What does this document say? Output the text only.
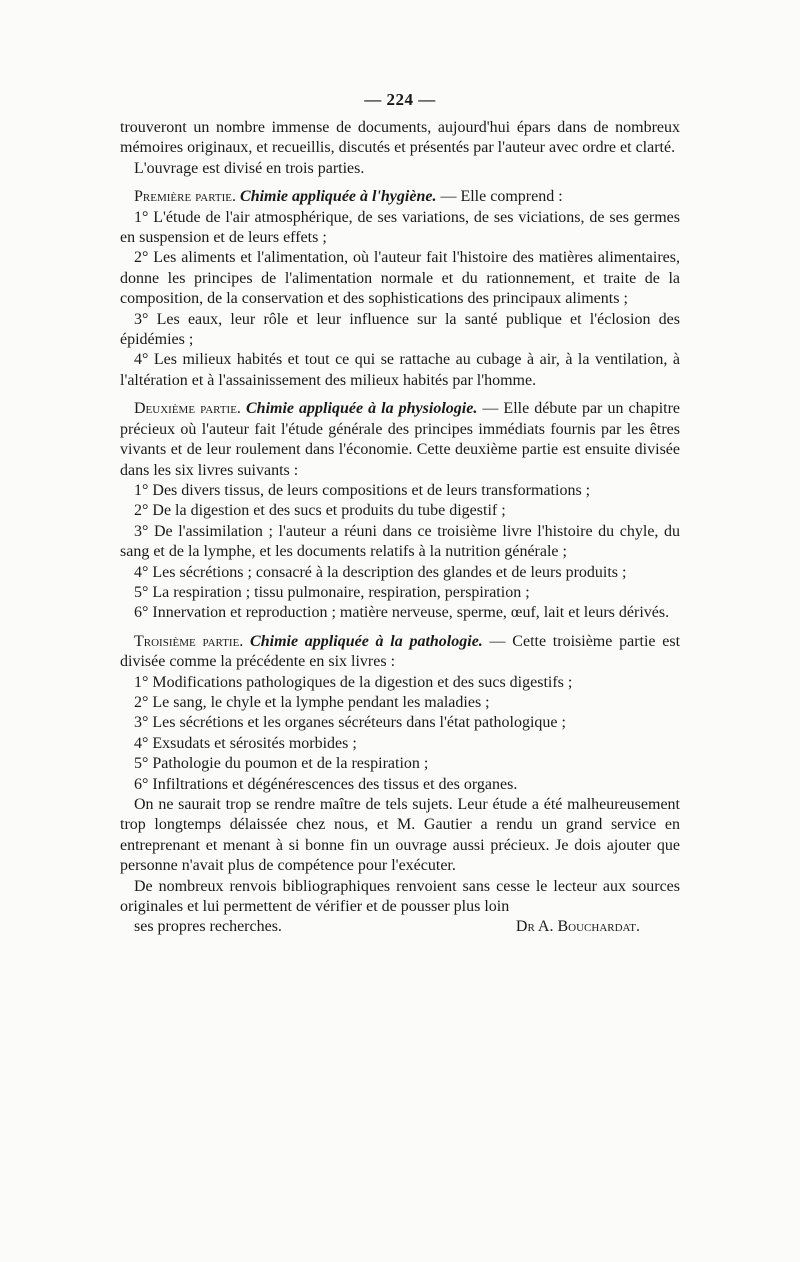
— 224 —

trouveront un nombre immense de documents, aujourd'hui épars dans de nombreux mémoires originaux, et recueillis, discutés et présentés par l'auteur avec ordre et clarté.

L'ouvrage est divisé en trois parties.

Première partie. Chimie appliquée à l'hygiène. — Elle comprend :

1° L'étude de l'air atmosphérique, de ses variations, de ses viciations, de ses germes en suspension et de leurs effets ;

2° Les aliments et l'alimentation, où l'auteur fait l'histoire des matières alimentaires, donne les principes de l'alimentation normale et du rationnement, et traite de la composition, de la conservation et des sophistications des principaux aliments ;

3° Les eaux, leur rôle et leur influence sur la santé publique et l'éclosion des épidémies ;

4° Les milieux habités et tout ce qui se rattache au cubage à air, à la ventilation, à l'altération et à l'assainissement des milieux habités par l'homme.

Deuxième partie. Chimie appliquée à la physiologie. — Elle débute par un chapitre précieux où l'auteur fait l'étude générale des principes immédiats fournis par les êtres vivants et de leur roulement dans l'économie. Cette deuxième partie est ensuite divisée dans les six livres suivants :

1° Des divers tissus, de leurs compositions et de leurs transformations ;

2° De la digestion et des sucs et produits du tube digestif ;

3° De l'assimilation ; l'auteur a réuni dans ce troisième livre l'histoire du chyle, du sang et de la lymphe, et les documents relatifs à la nutrition générale ;

4° Les sécrétions ; consacré à la description des glandes et de leurs produits ;

5° La respiration ; tissu pulmonaire, respiration, perspiration ;

6° Innervation et reproduction ; matière nerveuse, sperme, œuf, lait et leurs dérivés.

Troisième partie. Chimie appliquée à la pathologie. — Cette troisième partie est divisée comme la précédente en six livres :

1° Modifications pathologiques de la digestion et des sucs digestifs ;

2° Le sang, le chyle et la lymphe pendant les maladies ;

3° Les sécrétions et les organes sécréteurs dans l'état pathologique ;

4° Exsudats et sérosités morbides ;

5° Pathologie du poumon et de la respiration ;

6° Infiltrations et dégénérescences des tissus et des organes.

On ne saurait trop se rendre maître de tels sujets. Leur étude a été malheureusement trop longtemps délaissée chez nous, et M. Gautier a rendu un grand service en entreprenant et menant à si bonne fin un ouvrage aussi précieux. Je dois ajouter que personne n'avait plus de compétence pour l'exécuter.

De nombreux renvois bibliographiques renvoient sans cesse le lecteur aux sources originales et lui permettent de vérifier et de pousser plus loin

ses propres recherches.	Dr A. Bouchardat.
